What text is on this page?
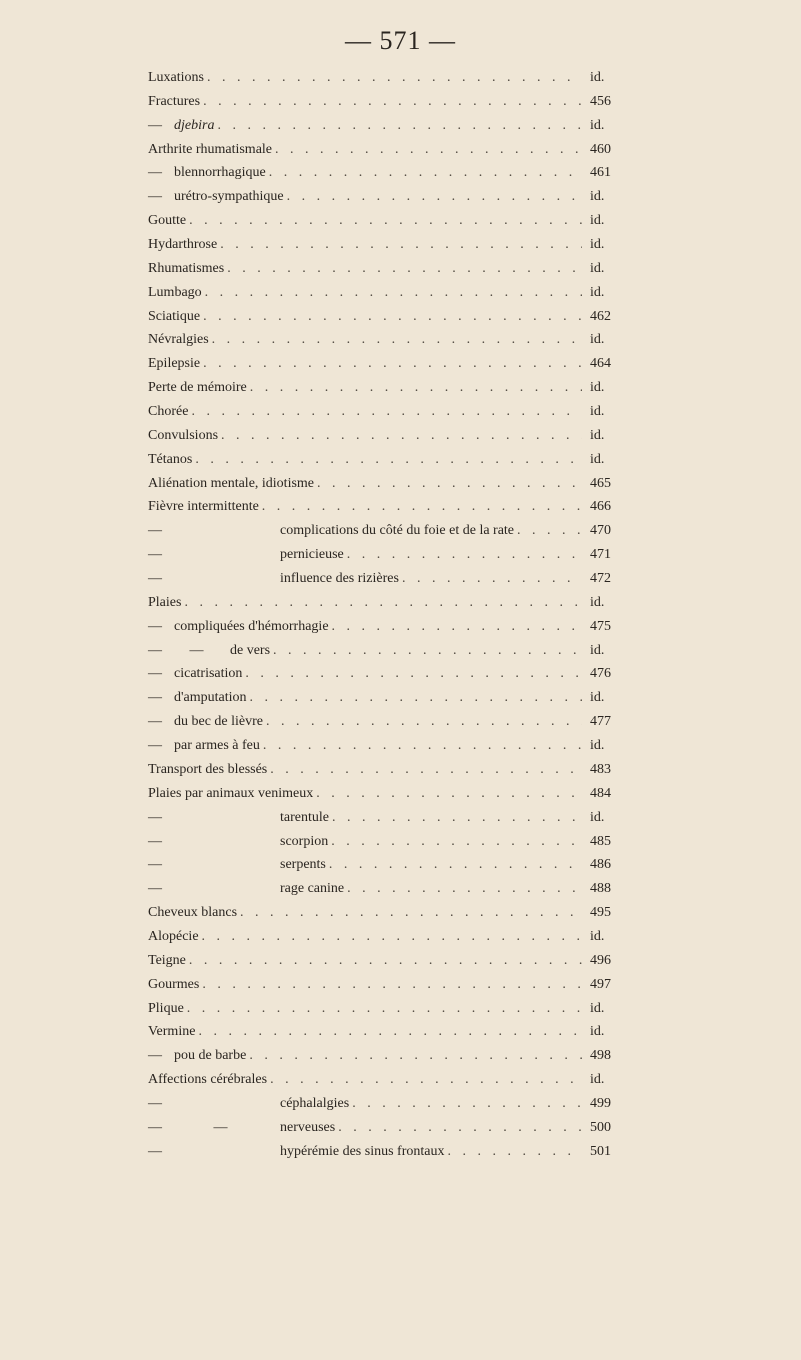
— 571 —
Luxations . . .	id.
Fractures . . .	456
— djebira . . .	id.
Arthrite rhumatismale . . .	460
— blennorrhagique . . .	461
— urétro-sympathique . . .	id.
Goutte . . .	id.
Hydarthrose . . .	id.
Rhumatismes . . .	id.
Lumbago . . .	id.
Sciatique . . .	462
Névralgies . . .	id.
Epilepsie . . .	464
Perte de mémoire . . .	id.
Chorée . . .	id.
Convulsions . . .	id.
Tétanos . . .	id.
Aliénation mentale, idiotisme . . .	465
Fièvre intermittente . . .	466
—	complications du côté du foie et de la rate . . .	470
—	pernicieuse . . .	471
—	influence des rizières . . .	472
Plaies . . .	id.
— compliquées d'hémorrhagie . . .	475
— —	de vers . . .	id.
— cicatrisation . . .	476
— d'amputation . . .	id.
— du bec de lièvre . . .	477
— par armes à feu . . .	id.
Transport des blessés . . .	483
Plaies par animaux venimeux . . .	484
—	tarentule . . .	id.
—	scorpion . . .	485
—	serpents . . .	486
—	rage canine . . .	488
Cheveux blancs . . .	495
Alopécie . . .	id.
Teigne . . .	496
Gourmes . . .	497
Plique . . .	id.
Vermine . . .	id.
— pou de barbe . . .	498
Affections cérébrales . . .	id.
—	céphalalgies . . .	499
— —	nerveuses . . .	500
—	hypérémie des sinus frontaux . . .	501
